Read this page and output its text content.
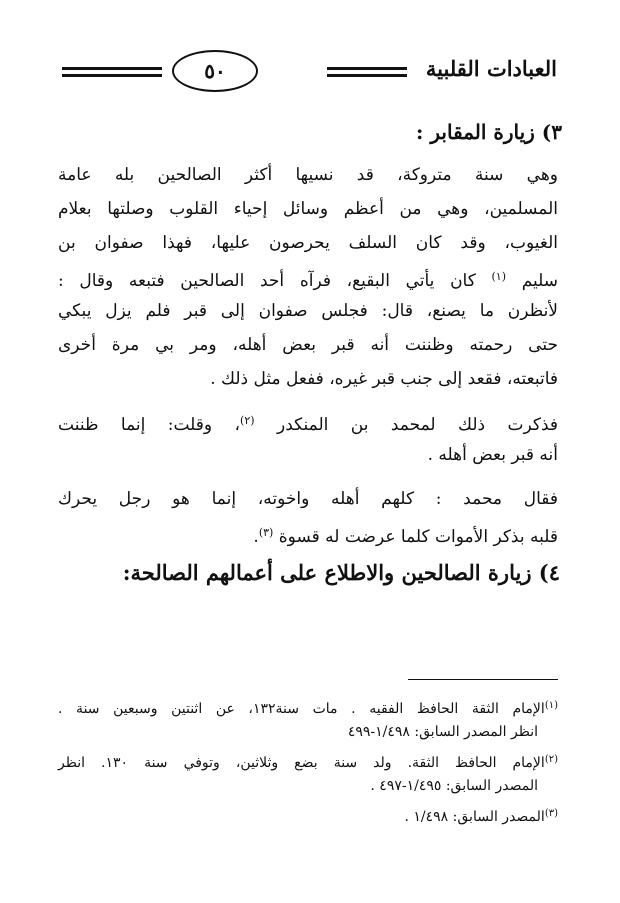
العبادات القلبية
٥٠
٣) زيارة المقابر :
وهي سنة متروكة، قد نسيها أكثر الصالحين بله عامة
المسلمين، وهي من أعظم وسائل إحياء القلوب وصلتها بعلام
الغيوب، وقد كان السلف يحرصون عليها، فهذا صفوان بن
سليم $^{(١)}$ كان يأتي البقيع، فرآه أحد الصالحين فتبعه وقال :
لأنظرن ما يصنع، قال: فجلس صفوان إلى قبر فلم يزل يبكي
حتى رحمته وظننت أنه قبر بعض أهله، ومر بي مرة أخرى
فاتبعته، فقعد إلى جنب قبر غيره، ففعل مثل ذلك .
فذكرت ذلك لمحمد بن المنكدر $^{(٢)}$، وقلت: إنما ظننت
أنه قبر بعض أهله .
فقال محمد : كلهم أهله واخوته، إنما هو رجل يحرك
قلبه بذكر الأموات كلما عرضت له قسوة $^{(٣)}$.
٤) زيارة الصالحين والاطلاع على أعمالهم الصالحة:
$^{(١)}$الإمام الثقة الحافظ الفقيه . مات سنة١٣٢، عن اثنتين وسبعين سنة .
انظر المصدر السابق: ١/٤٩٨-٤٩٩
$^{(٢)}$الإمام الحافظ الثقة. ولد سنة بضع وثلاثين، وتوفي سنة ١٣٠. انظر
المصدر السابق: ١/٤٩٥-٤٩٧ .
$^{(٣)}$المصدر السابق: ١/٤٩٨ .
